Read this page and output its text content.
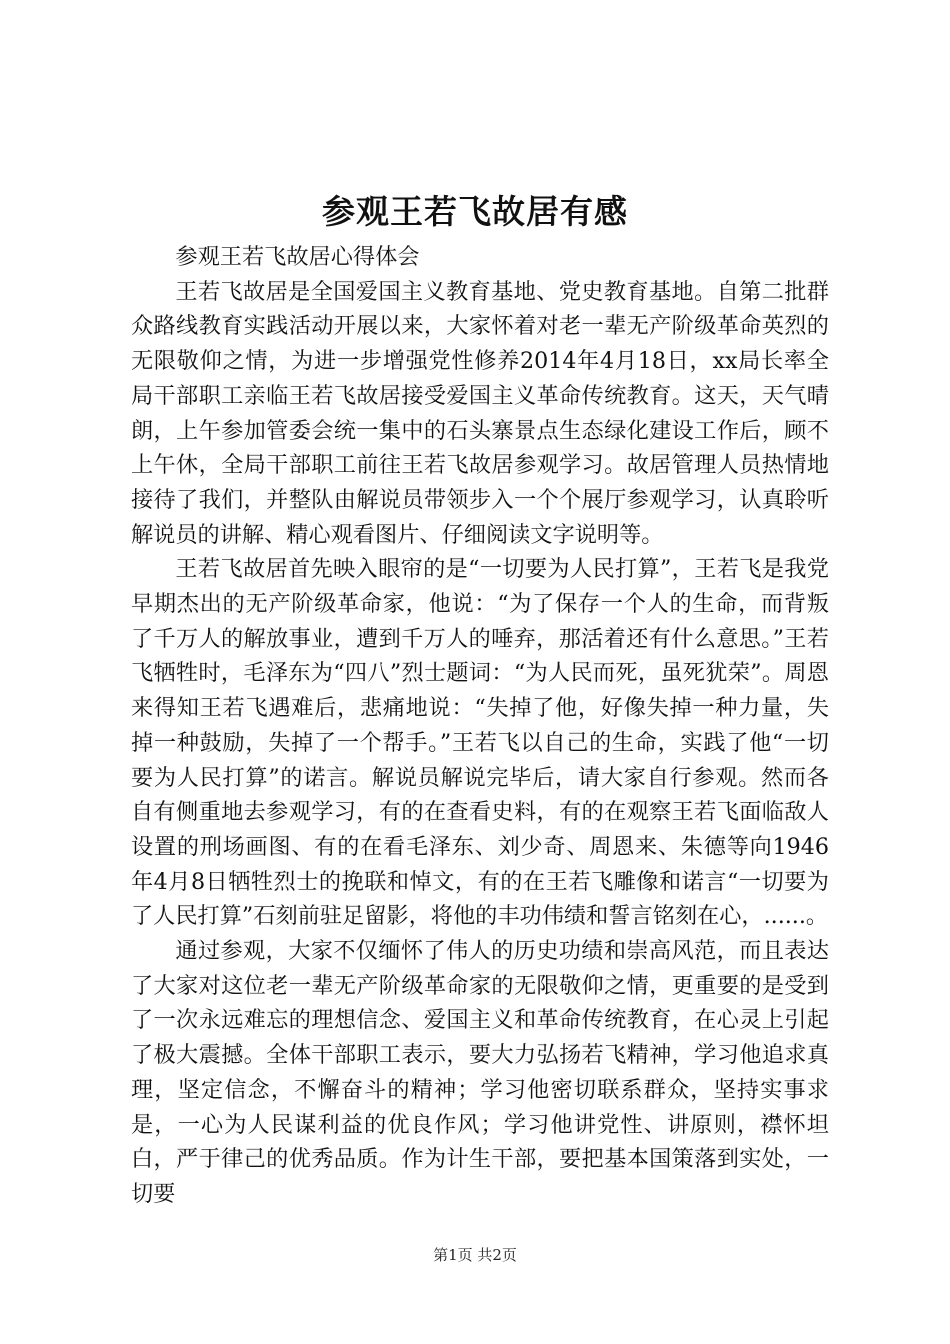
参观王若飞故居有感

参观王若飞故居心得体会

王若飞故居是全国爱国主义教育基地、党史教育基地。自第二批群众路线教育实践活动开展以来，大家怀着对老一辈无产阶级革命英烈的无限敬仰之情，为进一步增强党性修养2014年4月18日，xx局长率全局干部职工亲临王若飞故居接受爱国主义革命传统教育。这天，天气晴朗，上午参加管委会统一集中的石头寨景点生态绿化建设工作后，顾不上午休，全局干部职工前往王若飞故居参观学习。故居管理人员热情地接待了我们，并整队由解说员带领步入一个个展厅参观学习，认真聆听解说员的讲解、精心观看图片、仔细阅读文字说明等。

王若飞故居首先映入眼帘的是“一切要为人民打算”，王若飞是我党早期杰出的无产阶级革命家，他说：“为了保存一个人的生命，而背叛了千万人的解放事业，遭到千万人的唾弃，那活着还有什么意思。”王若飞牺牲时，毛泽东为“四八”烈士题词：“为人民而死，虽死犹荣”。周恩来得知王若飞遇难后，悲痛地说：“失掉了他，好像失掉一种力量，失掉一种鼓励，失掉了一个帮手。”王若飞以自己的生命，实践了他“一切要为人民打算”的诺言。解说员解说完毕后，请大家自行参观。然而各自有侧重地去参观学习，有的在查看史料，有的在观察王若飞面临敌人设置的刑场画图、有的在看毛泽东、刘少奇、周恩来、朱德等向1946年4月8日牺牲烈士的挽联和悼文，有的在王若飞雕像和诺言“一切要为了人民打算”石刻前驻足留影，将他的丰功伟绩和誓言铭刻在心，......。

通过参观，大家不仅缅怀了伟人的历史功绩和崇高风范，而且表达了大家对这位老一辈无产阶级革命家的无限敬仰之情，更重要的是受到了一次永远难忘的理想信念、爱国主义和革命传统教育，在心灵上引起了极大震撼。全体干部职工表示，要大力弘扬若飞精神，学习他追求真理，坚定信念，不懈奋斗的精神；学习他密切联系群众，坚持实事求是，一心为人民谋利益的优良作风；学习他讲党性、讲原则，襟怀坦白，严于律己的优秀品质。作为计生干部，要把基本国策落到实处，一切要

第1页 共2页
